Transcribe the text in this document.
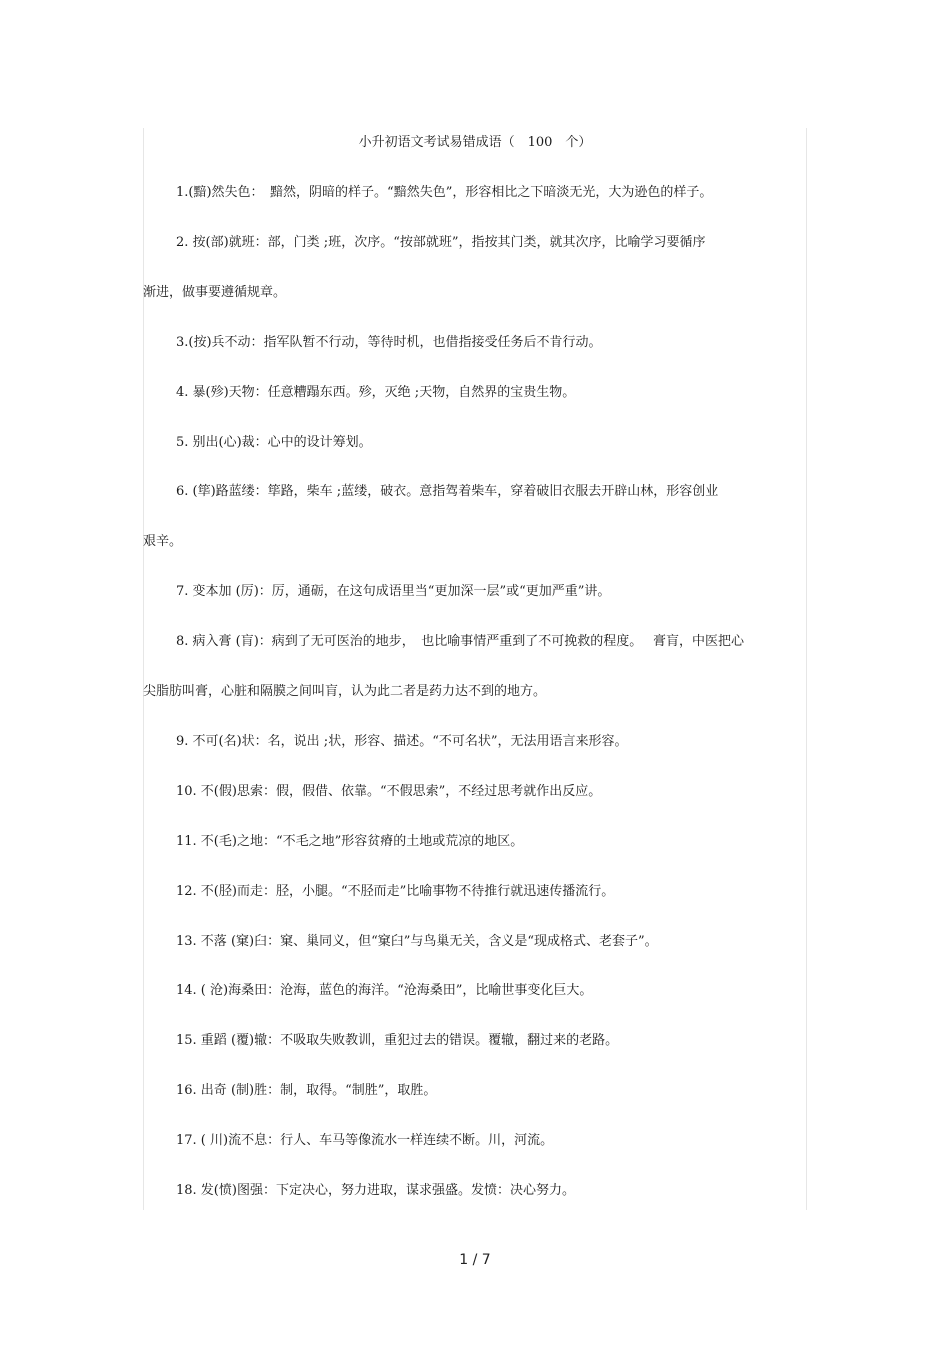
小升初语文考试易错成语（　100　个）
1.(黯)然失色：　黯然，阴暗的样子。“黯然失色”，形容相比之下暗淡无光，大为逊色的样子。
2. 按(部)就班：部，门类 ;班，次序。“按部就班”，指按其门类，就其次序，比喻学习要循序
渐进，做事要遵循规章。
3.(按)兵不动：指军队暂不行动，等待时机，也借指接受任务后不肯行动。
4. 暴(殄)天物：任意糟蹋东西。殄，灭绝 ;天物，自然界的宝贵生物。
5. 别出(心)裁：心中的设计筹划。
6. (筚)路蓝缕：筚路，柴车 ;蓝缕，破衣。意指驾着柴车，穿着破旧衣服去开辟山林，形容创业
艰辛。
7. 变本加 (厉)：厉，通砺，在这句成语里当“更加深一层”或“更加严重”讲。
8. 病入膏 (肓)：病到了无可医治的地步，　也比喻事情严重到了不可挽救的程度。　 膏肓，中医把心
尖脂肪叫膏，心脏和隔膜之间叫肓，认为此二者是药力达不到的地方。
9. 不可(名)状：名，说出 ;状，形容、描述。“不可名状”，无法用语言来形容。
10. 不(假)思索：假，假借、依靠。“不假思索”，不经过思考就作出反应。
11. 不(毛)之地：“不毛之地”形容贫瘠的土地或荒凉的地区。
12. 不(胫)而走：胫，小腿。“不胫而走”比喻事物不待推行就迅速传播流行。
13. 不落 (窠)臼：窠、巢同义，但“窠臼”与鸟巢无关，含义是“现成格式、老套子”。
14. ( 沧)海桑田：沧海，蓝色的海洋。“沧海桑田”，比喻世事变化巨大。
15. 重蹈 (覆)辙：不吸取失败教训，重犯过去的错误。覆辙，翻过来的老路。
16. 出奇 (制)胜：制，取得。“制胜”，取胜。
17. ( 川)流不息：行人、车马等像流水一样连续不断。川，河流。
18. 发(愤)图强：下定决心，努力进取，谋求强盛。发愤：决心努力。
1 / 7
